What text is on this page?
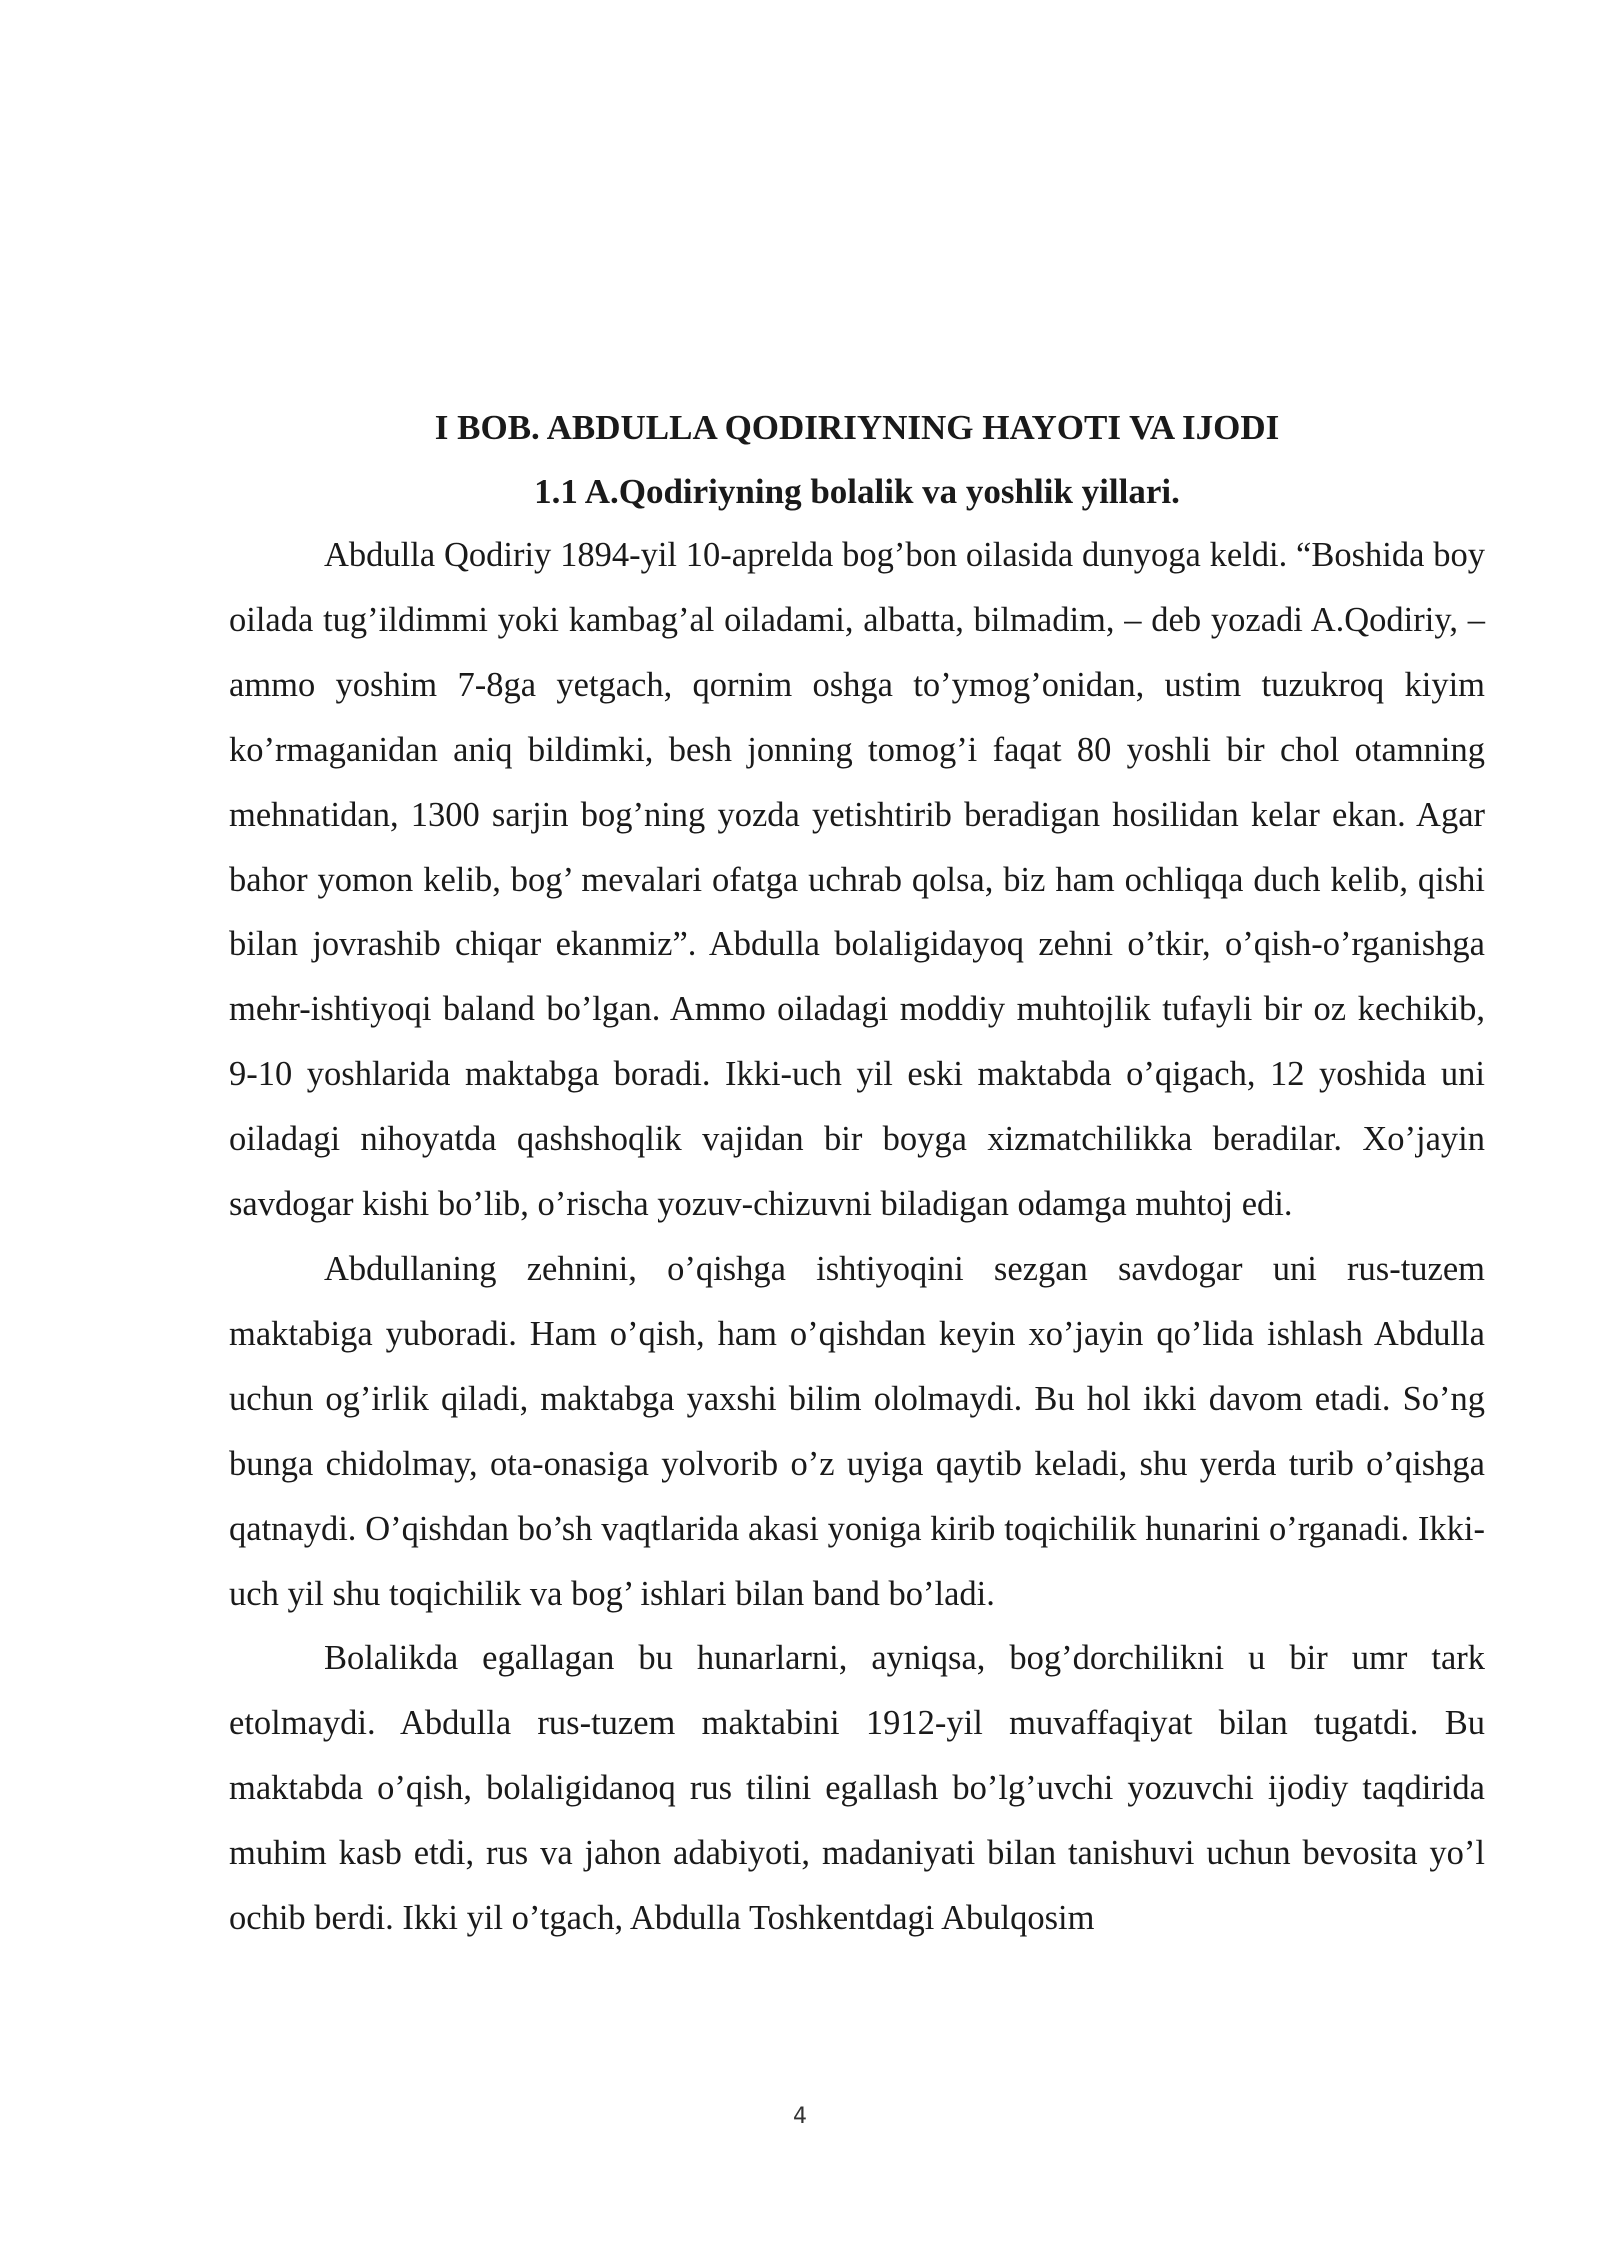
I BOB. ABDULLA QODIRIYNING HAYOTI VA IJODI
1.1 A.Qodiriyning bolalik va yoshlik yillari.

Abdulla Qodiriy 1894-yil 10-aprelda bog’bon oilasida dunyoga keldi. “Boshida boy oilada tug’ildimmi yoki kambag’al oiladami, albatta, bilmadim, – deb yozadi A.Qodiriy, – ammo yoshim 7-8ga yetgach, qornim oshga to’ymog’onidan, ustim tuzukroq kiyim ko’rmaganidan aniq bildimki, besh jonning tomog’i faqat 80 yoshli bir chol otamning mehnatidan, 1300 sarjin bog’ning yozda yetishtirib beradigan hosilidan kelar ekan. Agar bahor yomon kelib, bog’ mevalari ofatga uchrab qolsa, biz ham ochliqqa duch kelib, qishi bilan jovrashib chiqar ekanmiz”. Abdulla bolaligidayoq zehni o’tkir, o’qish-o’rganishga mehr-ishtiyoqi baland bo’lgan. Ammo oiladagi moddiy muhtojlik tufayli bir oz kechikib, 9-10 yoshlarida maktabga boradi. Ikki-uch yil eski maktabda o’qigach, 12 yoshida uni oiladagi nihoyatda qashshoqlik vajidan bir boyga xizmatchilikka beradilar. Xo’jayin savdogar kishi bo’lib, o’rischa yozuv-chizuvni biladigan odamga muhtoj edi.

Abdullaning zehnini, o’qishga ishtiyoqini sezgan savdogar uni rus-tuzem maktabiga yuboradi. Ham o’qish, ham o’qishdan keyin xo’jayin qo’lida ishlash Abdulla uchun og’irlik qiladi, maktabga yaxshi bilim ololmaydi. Bu hol ikki davom etadi. So’ng bunga chidolmay, ota-onasiga yolvorib o’z uyiga qaytib keladi, shu yerda turib o’qishga qatnaydi. O’qishdan bo’sh vaqtlarida akasi yoniga kirib toqichilik hunarini o’rganadi. Ikki-uch yil shu toqichilik va bog’ ishlari bilan band bo’ladi.

Bolalikda egallagan bu hunarlarni, ayniqsa, bog’dorchilikni u bir umr tark etolmaydi. Abdulla rus-tuzem maktabini 1912-yil muvaffaqiyat bilan tugatdi. Bu maktabda o’qish, bolaligidanoq rus tilini egallash bo’lg’uvchi yozuvchi ijodiy taqdirida muhim kasb etdi, rus va jahon adabiyoti, madaniyati bilan tanishuvi uchun bevosita yo’l ochib berdi. Ikki yil o’tgach, Abdulla Toshkentdagi Abulqosim

4
